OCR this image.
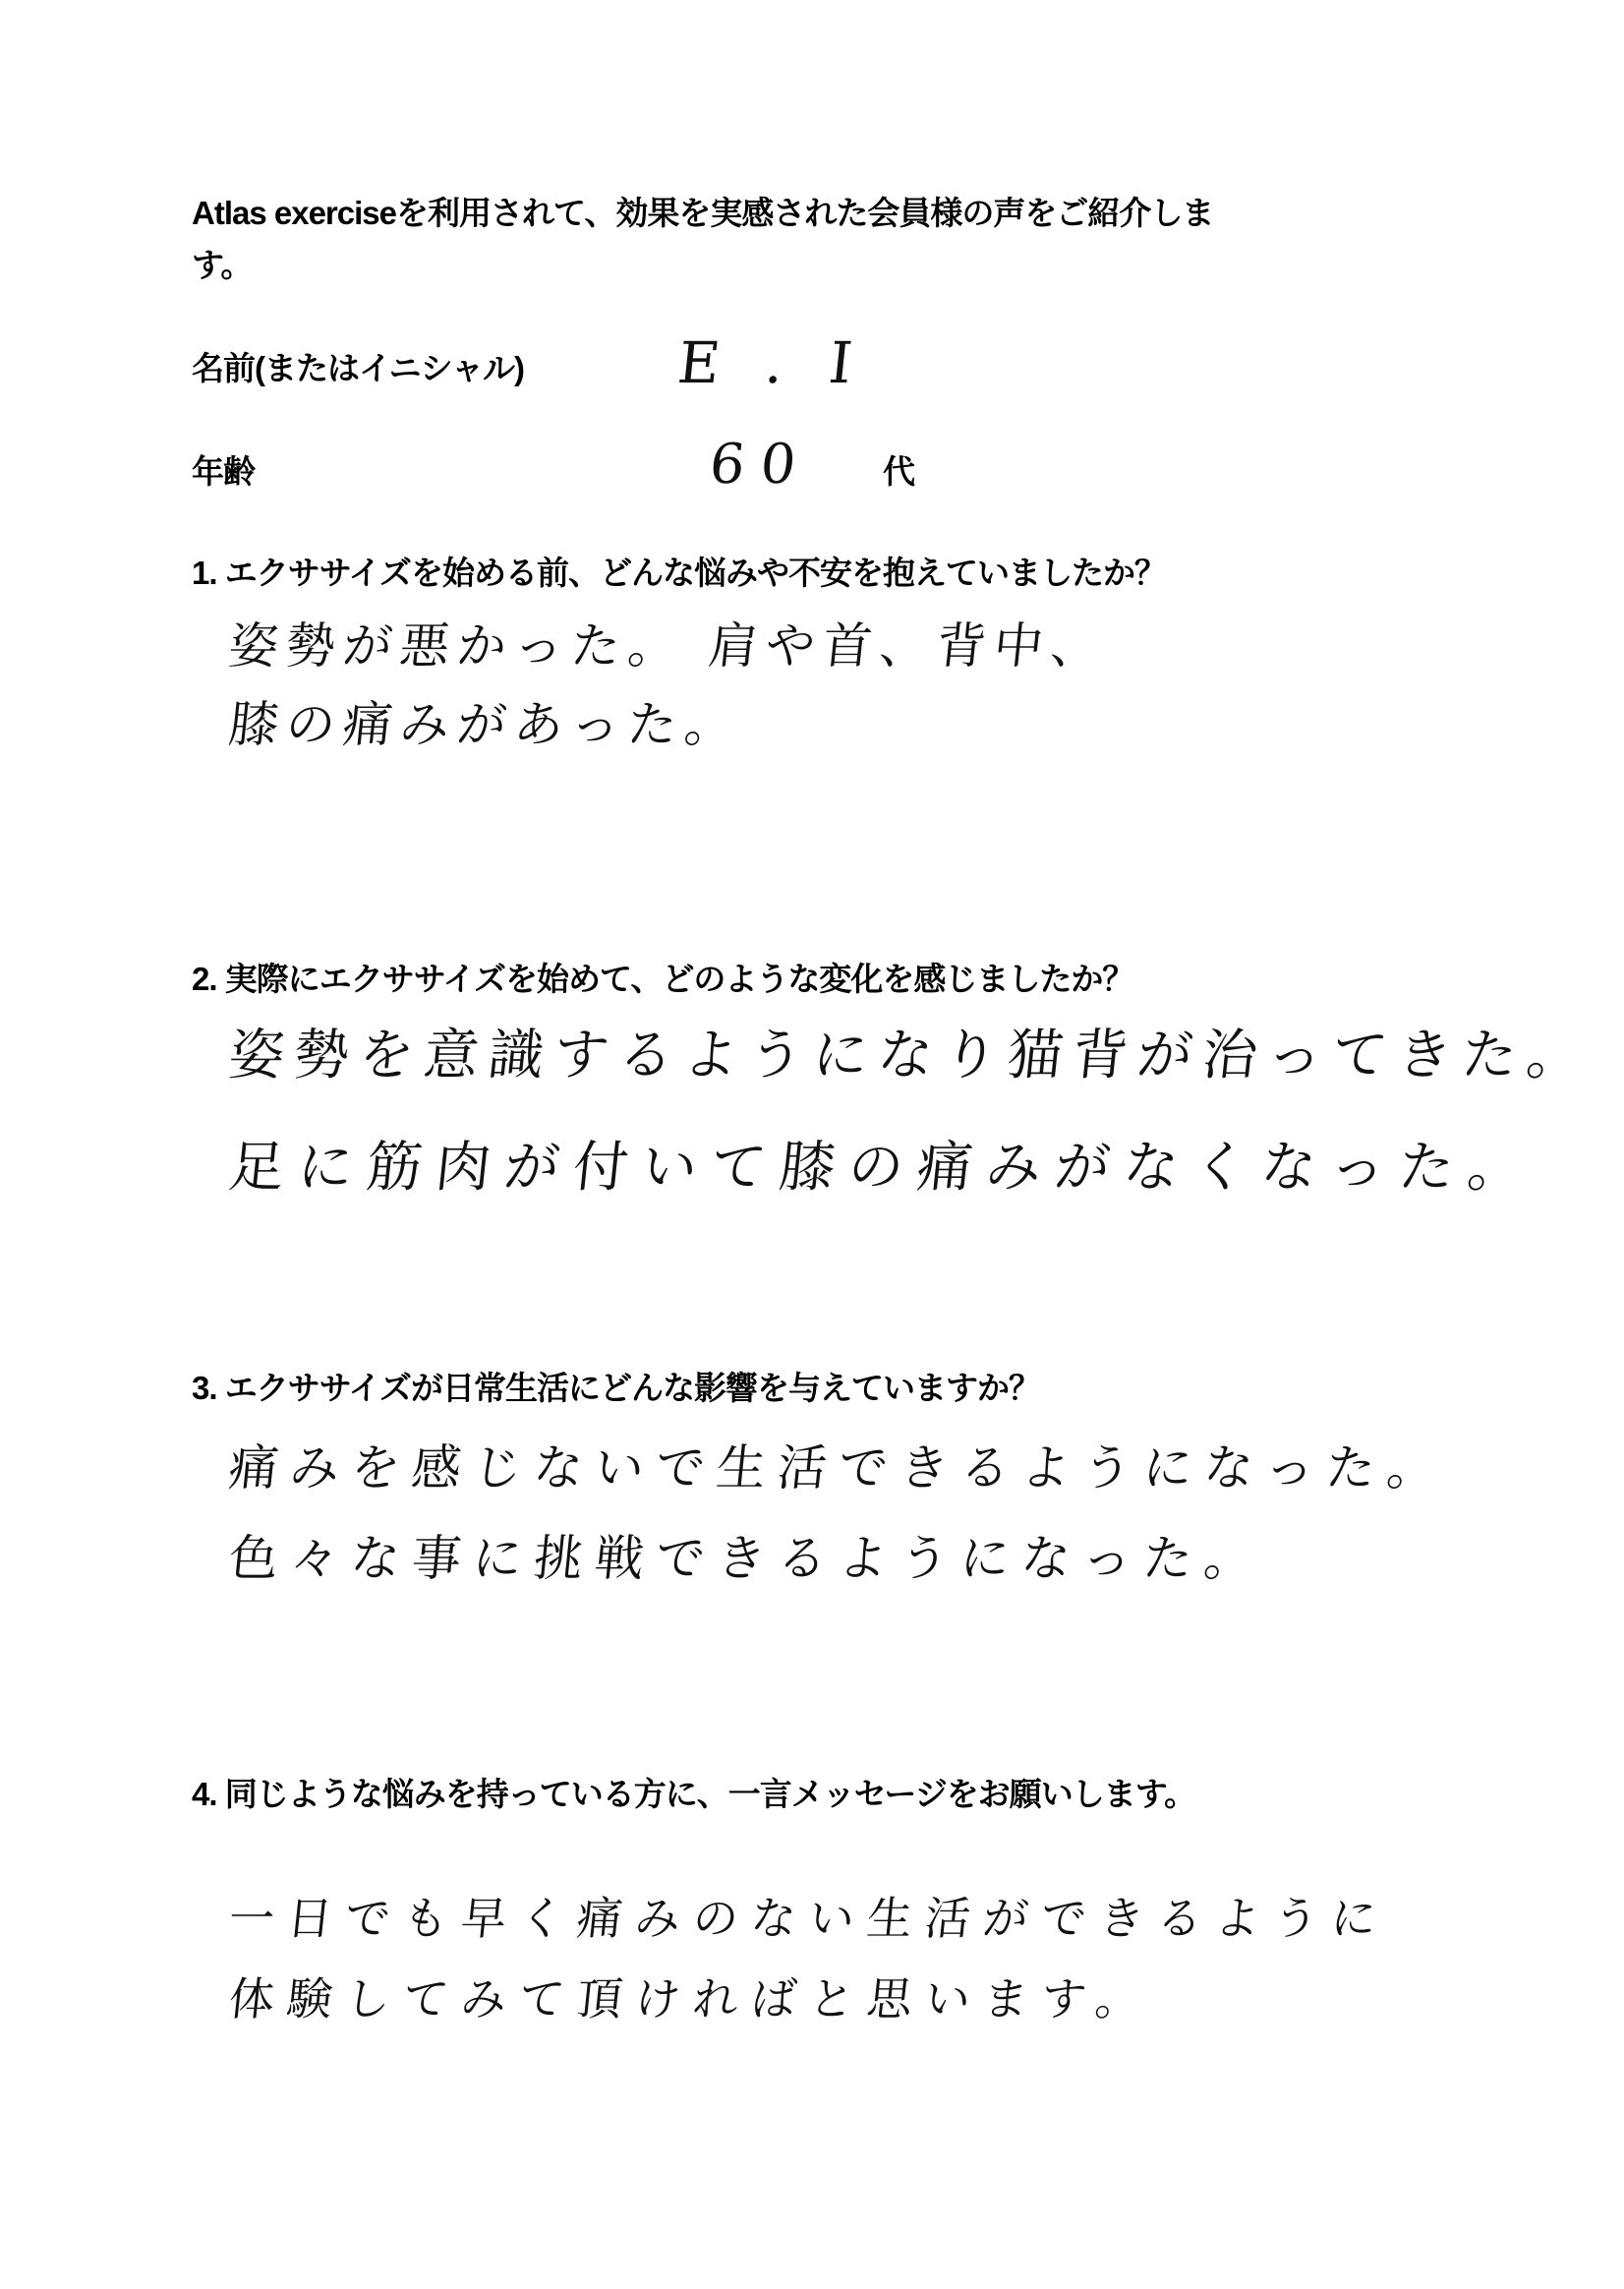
Atlas exerciseを利用されて、効果を実感された会員様の声をご紹介しま
す。
名前(またはイニシャル)	E . I
年齢	60 代
1. エクササイズを始める前、どんな悩みや不安を抱えていましたか？
姿勢が悪かった。 肩や首、背中、
膝の痛みがあった。
2. 実際にエクササイズを始めて、どのような変化を感じましたか？
姿勢を意識するようになり猫背が治ってきた。
足に筋肉が付いて膝の痛みがなくなった。
3. エクササイズが日常生活にどんな影響を与えていますか？
痛みを感じないで生活できるようになった。
色々な事に挑戦できるようになった。
4. 同じような悩みを持っている方に、一言メッセージをお願いします。
一日でも早く痛みのない生活ができるように
体験してみて頂ければと思います。
